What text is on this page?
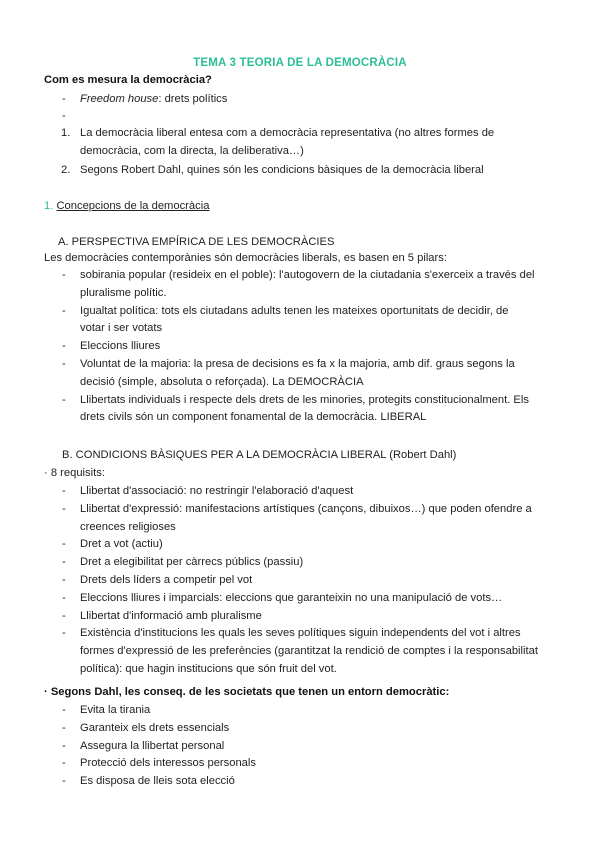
TEMA 3 TEORIA DE LA DEMOCRÀCIA
Com es mesura la democràcia?
- Freedom house: drets polítics
-
1. La democràcia liberal entesa com a democràcia representativa (no altres formes de
democràcia, com la directa, la deliberativa…)
2. Segons Robert Dahl, quines són les condicions bàsiques de la democràcia liberal
1. Concepcions de la democràcia
A. PERSPECTIVA EMPÍRICA DE LES DEMOCRÀCIES
Les democràcies contemporànies són democràcies liberals, es basen en 5 pilars:
- sobirania popular (resideix en el poble): l'autogovern de la ciutadania s'exerceix a través del
pluralisme polític.
- Igualtat política: tots els ciutadans adults tenen les mateixes oportunitats de decidir, de
votar i ser votats
- Eleccions lliures
- Voluntat de la majoria: la presa de decisions es fa x la majoria, amb dif. graus segons la
decisió (simple, absoluta o reforçada). La DEMOCRÀCIA
- Llibertats individuals i respecte dels drets de les minories, protegits constitucionalment. Els
drets civils són un component fonamental de la democràcia. LIBERAL
B. CONDICIONS BÀSIQUES PER A LA DEMOCRÀCIA LIBERAL (Robert Dahl)
· 8 requisits:
- Llibertat d'associació: no restringir l'elaboració d'aquest
- Llibertat d'expressió: manifestacions artístiques (cançons, dibuixos…) que poden ofendre a
creences religioses
- Dret a vot (actiu)
- Dret a elegibilitat per càrrecs públics (passiu)
- Drets dels líders a competir pel vot
- Eleccions lliures i imparcials: eleccions que garanteixin no una manipulació de vots…
- Llibertat d'informació amb pluralisme
- Existència d'institucions les quals les seves polítiques siguin independents del vot i altres
formes d'expressió de les preferències (garantitzat la rendició de comptes i la responsabilitat
política): que hagin institucions que són fruit del vot.
· Segons Dahl, les conseq. de les societats que tenen un entorn democràtic:
- Evita la tirania
- Garanteix els drets essencials
- Assegura la llibertat personal
- Protecció dels interessos personals
- Es disposa de lleis sota elecció
